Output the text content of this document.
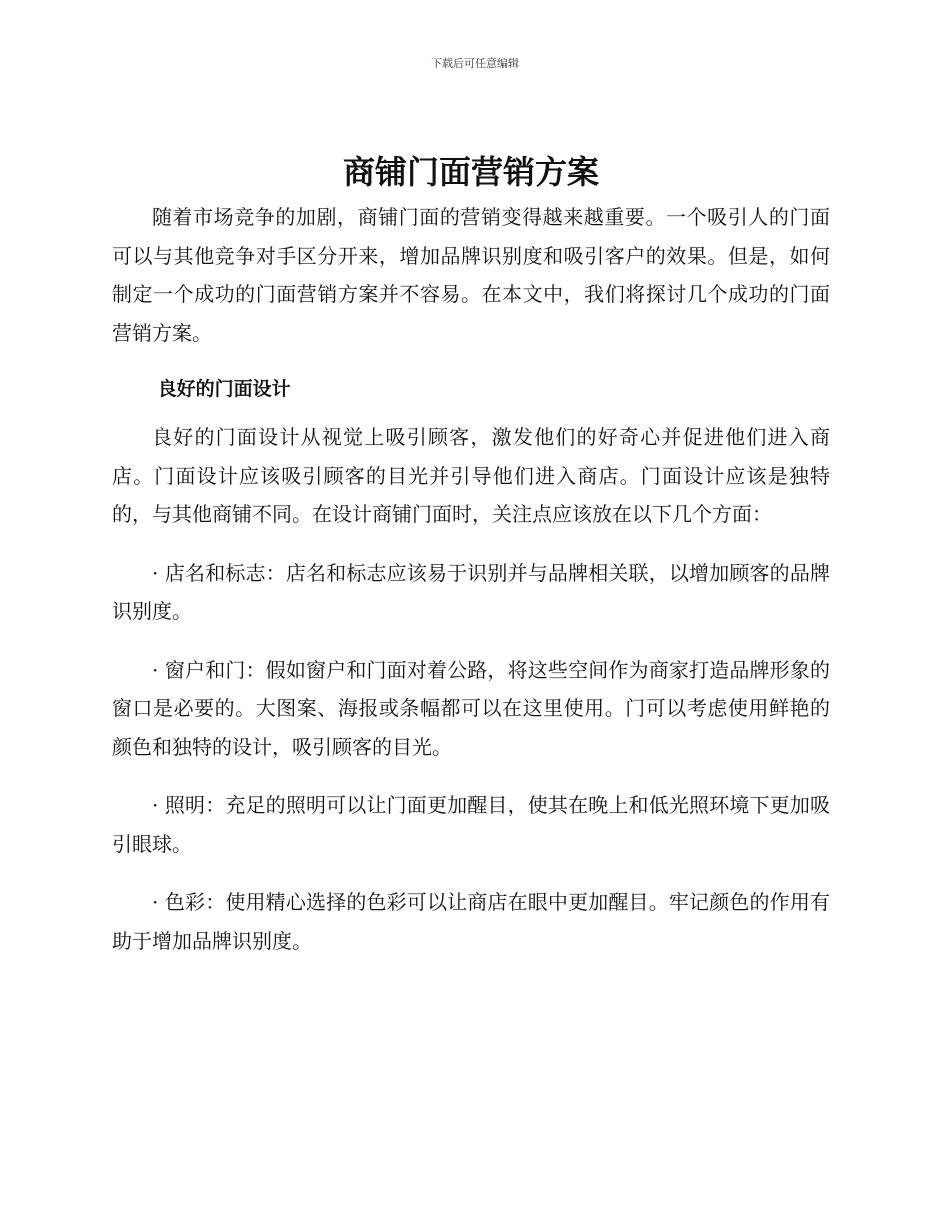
下载后可任意编辑
商铺门面营销方案

随着市场竞争的加剧，商铺门面的营销变得越来越重要。一个吸引人的门面可以与其他竞争对手区分开来，增加品牌识别度和吸引客户的效果。但是，如何制定一个成功的门面营销方案并不容易。在本文中，我们将探讨几个成功的门面营销方案。

良好的门面设计

良好的门面设计从视觉上吸引顾客，激发他们的好奇心并促进他们进入商店。门面设计应该吸引顾客的目光并引导他们进入商店。门面设计应该是独特的，与其他商铺不同。在设计商铺门面时，关注点应该放在以下几个方面：

· 店名和标志：店名和标志应该易于识别并与品牌相关联，以增加顾客的品牌识别度。

· 窗户和门：假如窗户和门面对着公路，将这些空间作为商家打造品牌形象的窗口是必要的。大图案、海报或条幅都可以在这里使用。门可以考虑使用鲜艳的颜色和独特的设计，吸引顾客的目光。

· 照明：充足的照明可以让门面更加醒目，使其在晚上和低光照环境下更加吸引眼球。

· 色彩：使用精心选择的色彩可以让商店在眼中更加醒目。牢记颜色的作用有助于增加品牌识别度。
